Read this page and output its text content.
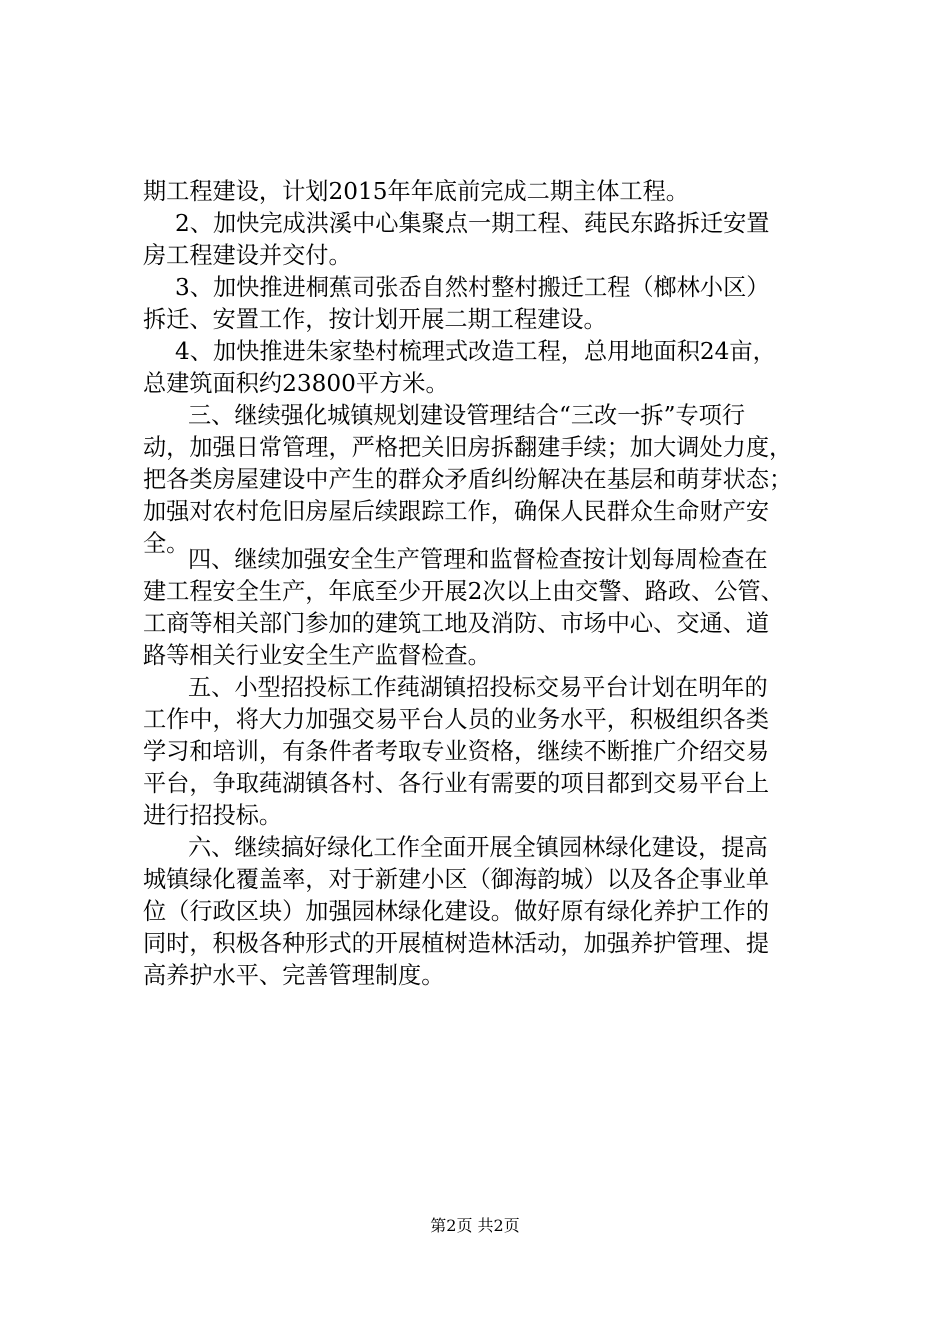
期工程建设，计划2015年年底前完成二期主体工程。
2、加快完成洪溪中心集聚点一期工程、莼民东路拆迁安置
房工程建设并交付。
3、加快推进桐蕉司张岙自然村整村搬迁工程（榔林小区）
拆迁、安置工作，按计划开展二期工程建设。
4、加快推进朱家垫村梳理式改造工程，总用地面积24亩，
总建筑面积约23800平方米。
三、继续强化城镇规划建设管理结合“三改一拆”专项行
动，加强日常管理，严格把关旧房拆翻建手续；加大调处力度，
把各类房屋建设中产生的群众矛盾纠纷解决在基层和萌芽状态；
加强对农村危旧房屋后续跟踪工作，确保人民群众生命财产安
全。
四、继续加强安全生产管理和监督检查按计划每周检查在
建工程安全生产，年底至少开展2次以上由交警、路政、公管、
工商等相关部门参加的建筑工地及消防、市场中心、交通、道
路等相关行业安全生产监督检查。
五、小型招投标工作莼湖镇招投标交易平台计划在明年的
工作中，将大力加强交易平台人员的业务水平，积极组织各类
学习和培训，有条件者考取专业资格，继续不断推广介绍交易
平台，争取莼湖镇各村、各行业有需要的项目都到交易平台上
进行招投标。
六、继续搞好绿化工作全面开展全镇园林绿化建设，提高
城镇绿化覆盖率，对于新建小区（御海韵城）以及各企事业单
位（行政区块）加强园林绿化建设。做好原有绿化养护工作的
同时，积极各种形式的开展植树造林活动，加强养护管理、提
高养护水平、完善管理制度。
第2页 共2页
